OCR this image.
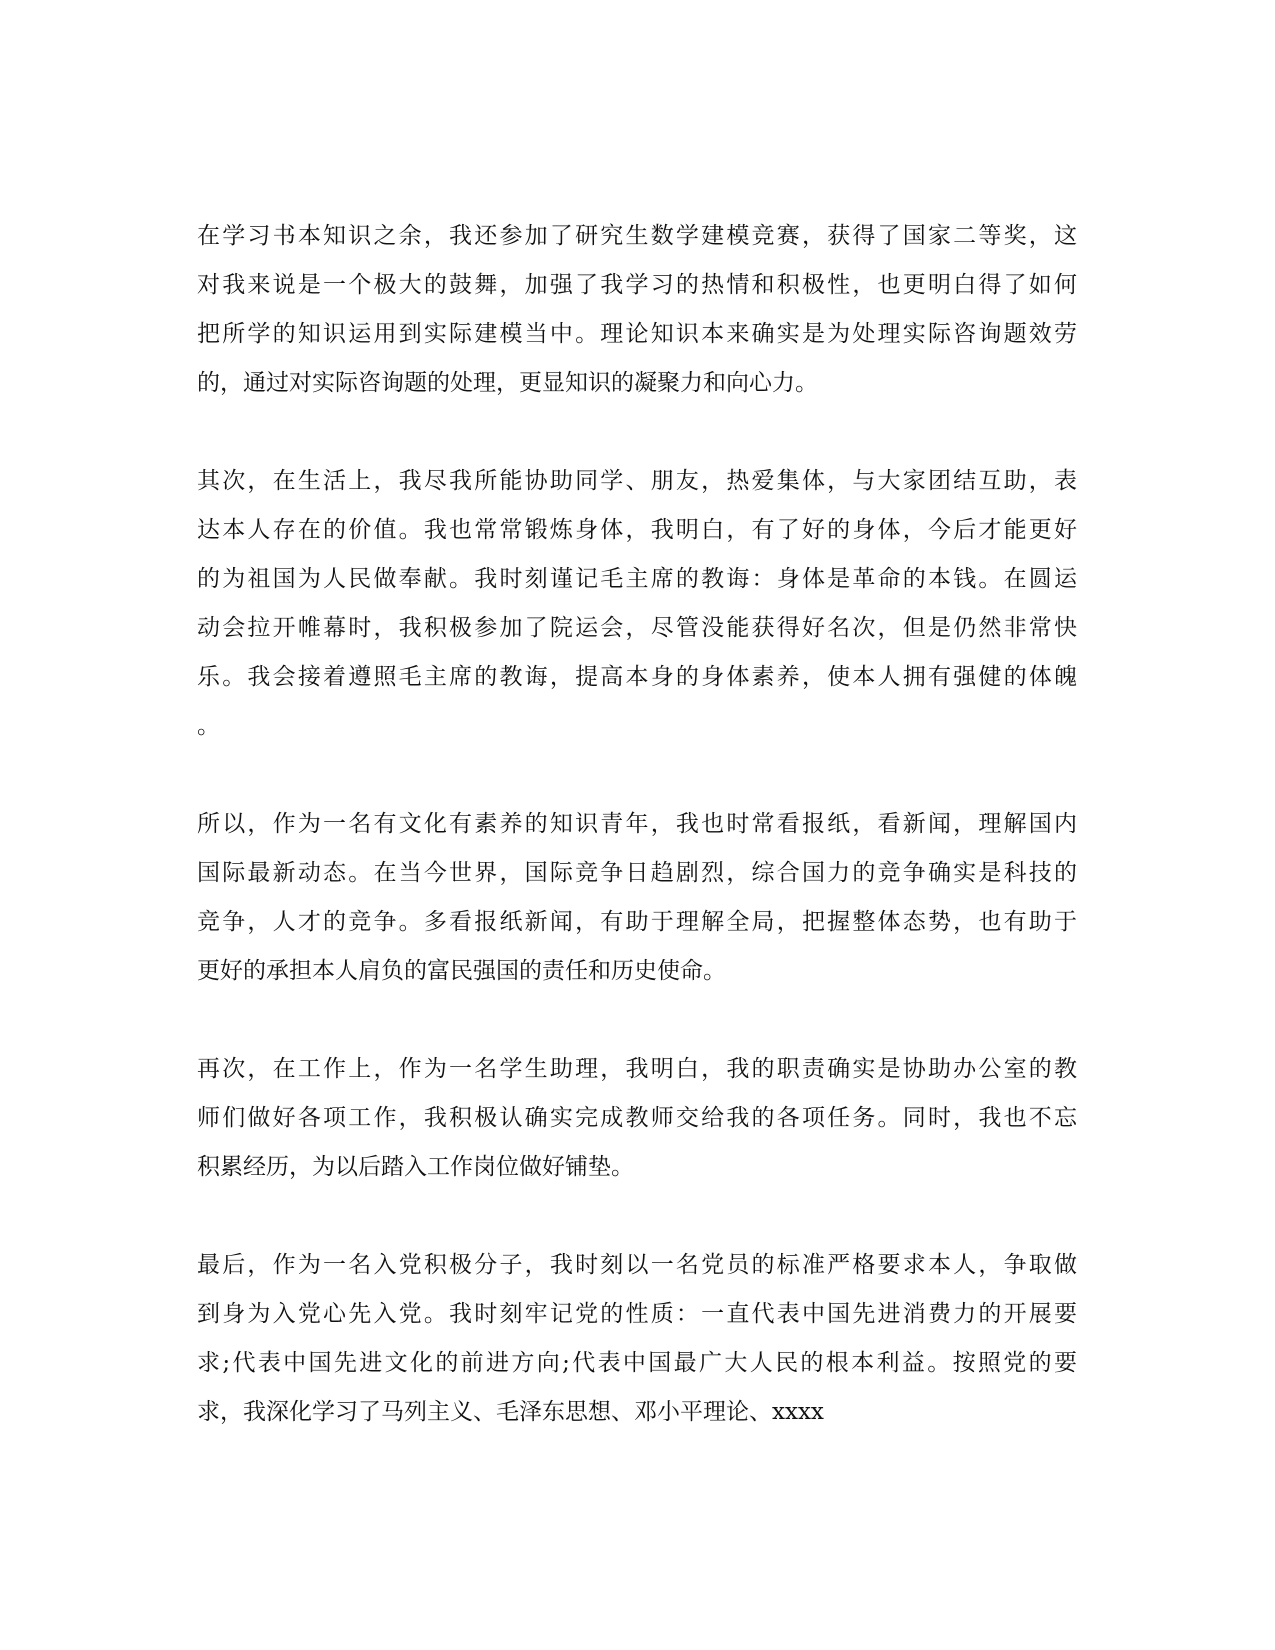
在学习书本知识之余，我还参加了研究生数学建模竞赛，获得了国家二等奖，这
对我来说是一个极大的鼓舞，加强了我学习的热情和积极性，也更明白得了如何
把所学的知识运用到实际建模当中。理论知识本来确实是为处理实际咨询题效劳
的，通过对实际咨询题的处理，更显知识的凝聚力和向心力。

其次，在生活上，我尽我所能协助同学、朋友，热爱集体，与大家团结互助，表
达本人存在的价值。我也常常锻炼身体，我明白，有了好的身体，今后才能更好
的为祖国为人民做奉献。我时刻谨记毛主席的教诲：身体是革命的本钱。在圆运
动会拉开帷幕时，我积极参加了院运会，尽管没能获得好名次，但是仍然非常快
乐。我会接着遵照毛主席的教诲，提高本身的身体素养，使本人拥有强健的体魄
。

所以，作为一名有文化有素养的知识青年，我也时常看报纸，看新闻，理解国内
国际最新动态。在当今世界，国际竞争日趋剧烈，综合国力的竞争确实是科技的
竞争，人才的竞争。多看报纸新闻，有助于理解全局，把握整体态势，也有助于
更好的承担本人肩负的富民强国的责任和历史使命。

再次，在工作上，作为一名学生助理，我明白，我的职责确实是协助办公室的教
师们做好各项工作，我积极认确实完成教师交给我的各项任务。同时，我也不忘
积累经历，为以后踏入工作岗位做好铺垫。

最后，作为一名入党积极分子，我时刻以一名党员的标准严格要求本人，争取做
到身为入党心先入党。我时刻牢记党的性质：一直代表中国先进消费力的开展要
求;代表中国先进文化的前进方向;代表中国最广大人民的根本利益。按照党的要
求，我深化学习了马列主义、毛泽东思想、邓小平理论、xxxx
